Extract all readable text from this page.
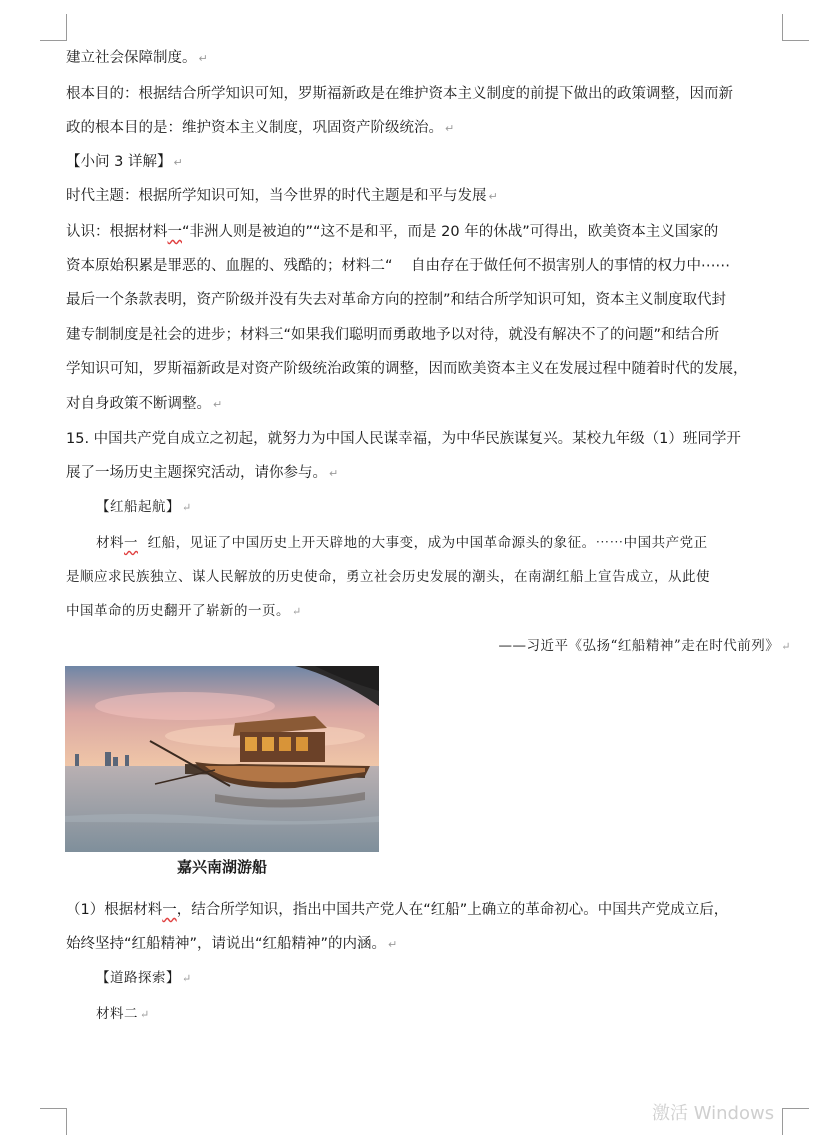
建立社会保障制度。 ↵
根本目的：根据结合所学知识可知，罗斯福新政是在维护资本主义制度的前提下做出的政策调整，因而新
政的根本目的是：维护资本主义制度，巩固资产阶级统治。 ↵
【小问 3 详解】 ↵
时代主题：根据所学知识可知，当今世界的时代主题是和平与发展 ↵
认识：根据材料一“非洲人则是被迫的”“这不是和平，而是 20 年的休战”可得出，欧美资本主义国家的
资本原始积累是罪恶的、血腥的、残酷的；材料二“    自由存在于做任何不损害别人的事情的权力中⋯⋯
最后一个条款表明，资产阶级并没有失去对革命方向的控制”和结合所学知识可知，资本主义制度取代封
建专制制度是社会的进步；材料三“如果我们聪明而勇敢地予以对待，就没有解决不了的问题”和结合所
学知识可知，罗斯福新政是对资产阶级统治政策的调整，因而欧美资本主义在发展过程中随着时代的发展，
对自身政策不断调整。 ↵
15. 中国共产党自成立之初起，就努力为中国人民谋幸福，为中华民族谋复兴。某校九年级（1）班同学开
展了一场历史主题探究活动，请你参与。 ↵
【红船起航】 ↵
材料一  红船，见证了中国历史上开天辟地的大事变，成为中国革命源头的象征。⋯⋯中国共产党正
是顺应求民族独立、谋人民解放的历史使命，勇立社会历史发展的潮头，在南湖红船上宣告成立，从此使
中国革命的历史翻开了崭新的一页。 ↵
——习近平《弘扬“红船精神”走在时代前列》 ↵
嘉兴南湖游船
（1）根据材料一，结合所学知识，指出中国共产党人在“红船”上确立的革命初心。中国共产党成立后，
始终坚持“红船精神”，请说出“红船精神”的内涵。 ↵
【道路探索】 ↵
材料二 ↵
激活 Windows
